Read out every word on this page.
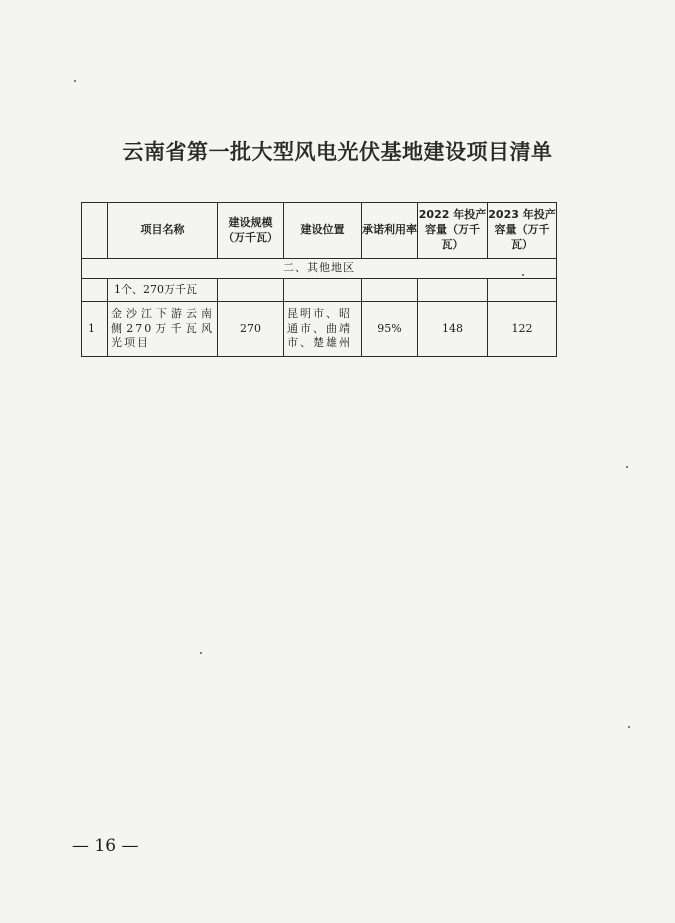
云南省第一批大型风电光伏基地建设项目清单
	项目名称	建设规模（万千瓦）	建设位置	承诺利用率	2022 年投产容量（万千瓦）	2023 年投产容量（万千瓦）
二、其他地区						
	1个、270万千瓦					
1	金沙江下游云南侧270万千瓦风光项目	270	昆明市、昭通市、曲靖市、楚雄州	95%	148	122
— 16 —
